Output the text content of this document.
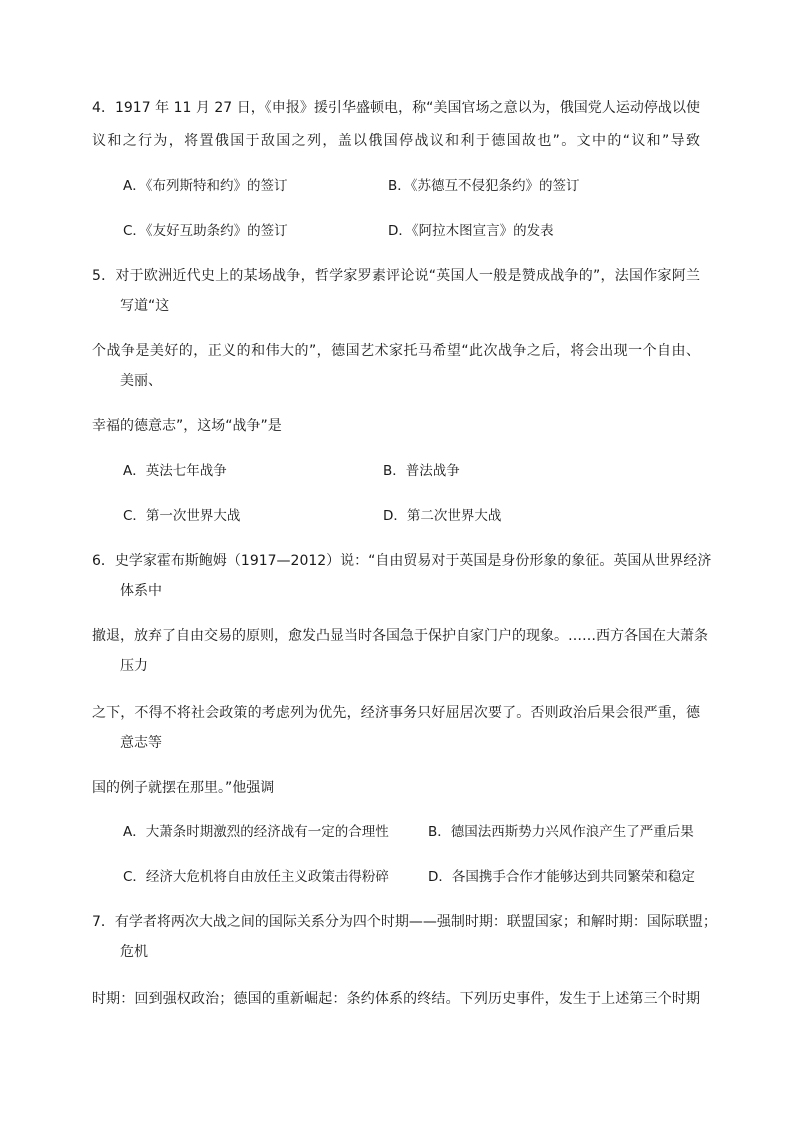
4．1917 年 11 月 27 日，《申报》援引华盛顿电，称“美国官场之意以为，俄国党人运动停战以使
议和之行为，将置俄国于敌国之列，盖以俄国停战议和利于德国故也”。文中的“议和”导致
A．《布列斯特和约》的签订	B．《苏德互不侵犯条约》的签订
C．《友好互助条约》的签订	D．《阿拉木图宣言》的发表
5．对于欧洲近代史上的某场战争，哲学家罗素评论说“英国人一般是赞成战争的”，法国作家阿兰
写道“这
个战争是美好的，正义的和伟大的”，德国艺术家托马希望“此次战争之后，将会出现一个自由、
美丽、
幸福的德意志”，这场“战争”是
A．英法七年战争	B．普法战争
C．第一次世界大战	D．第二次世界大战
6．史学家霍布斯鲍姆（1917—2012）说：“自由贸易对于英国是身份形象的象征。英国从世界经济
体系中
撤退，放弃了自由交易的原则，愈发凸显当时各国急于保护自家门户的现象。……西方各国在大萧条
压力
之下，不得不将社会政策的考虑列为优先，经济事务只好屈居次要了。否则政治后果会很严重，德
意志等
国的例子就摆在那里。”他强调
A．大萧条时期激烈的经济战有一定的合理性	B．德国法西斯势力兴风作浪产生了严重后果
C．经济大危机将自由放任主义政策击得粉碎	D．各国携手合作才能够达到共同繁荣和稳定
7．有学者将两次大战之间的国际关系分为四个时期——强制时期：联盟国家；和解时期：国际联盟；
危机
时期：回到强权政治；德国的重新崛起：条约体系的终结。下列历史事件，发生于上述第三个时期
